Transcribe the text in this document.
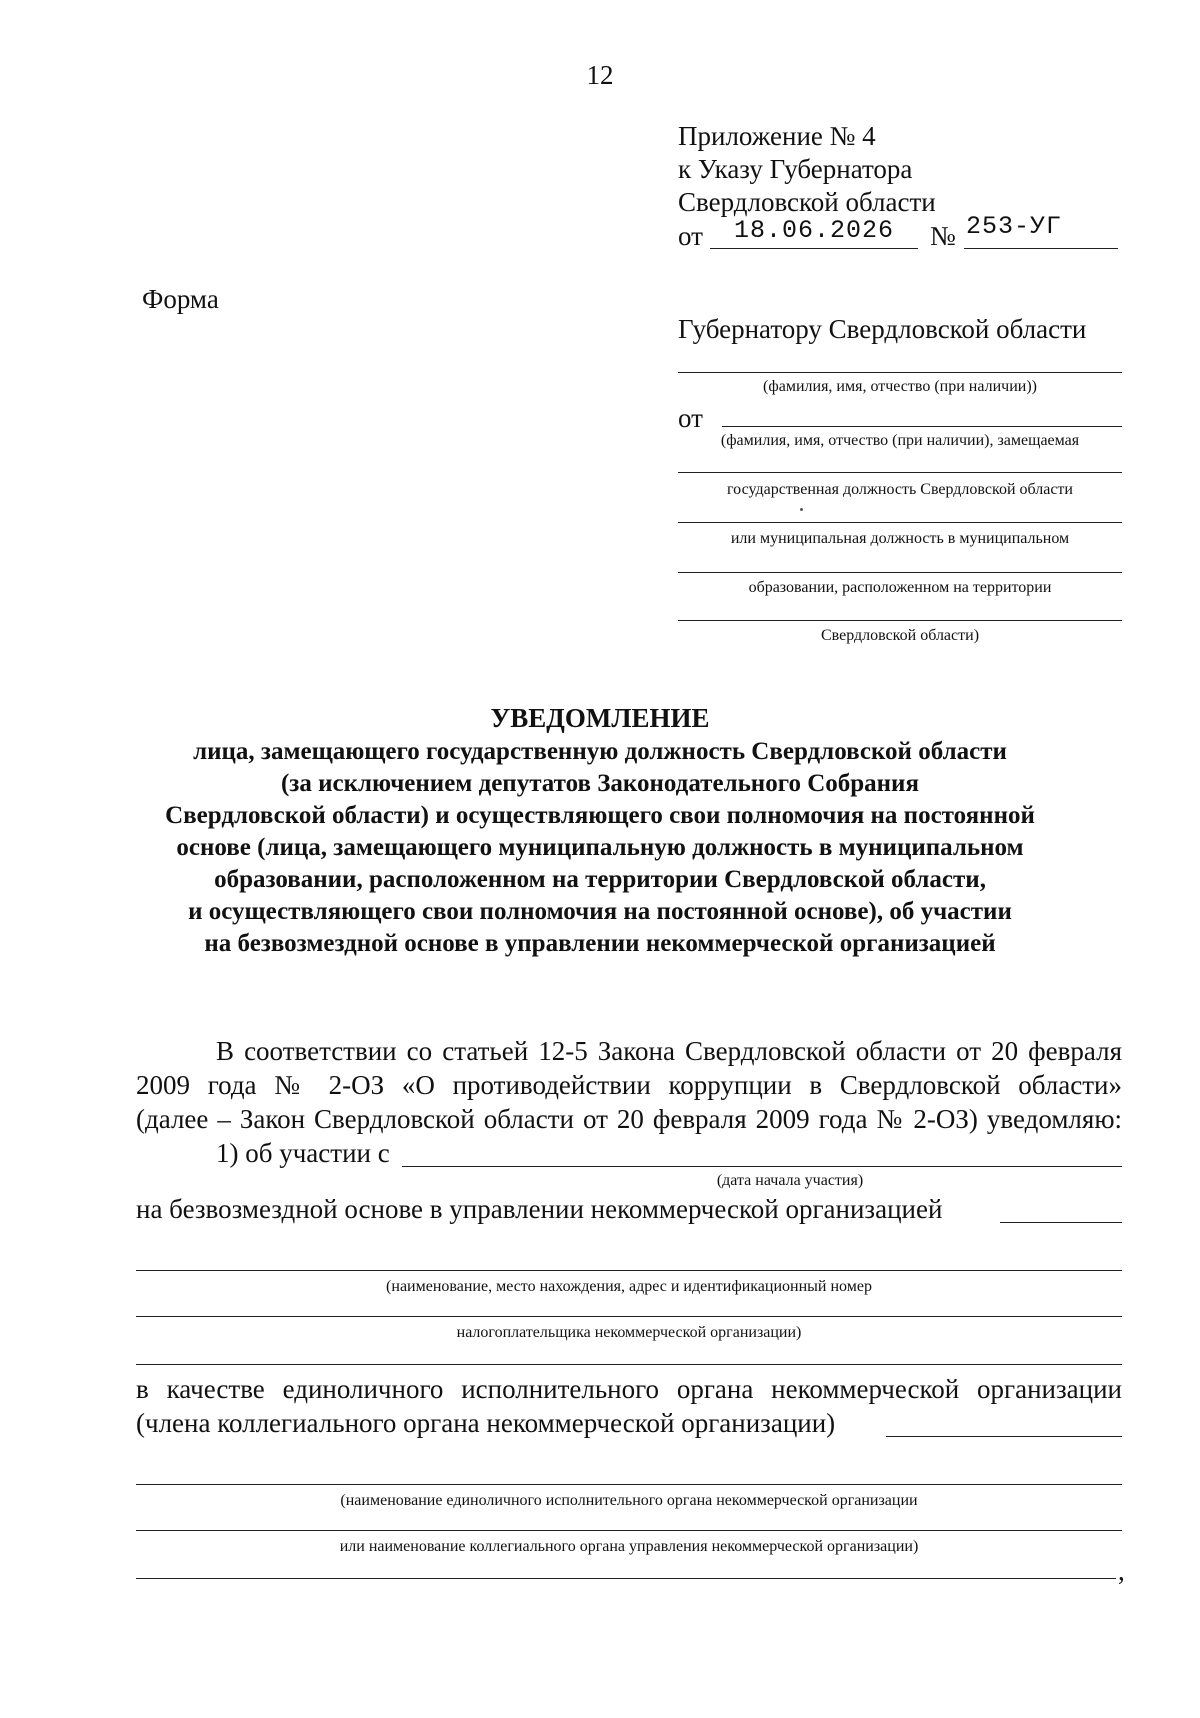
12
Приложение № 4
к Указу Губернатора
Свердловской области
от 18.06.2026 № 253-УГ
Форма
Губернатору Свердловской области
(фамилия, имя, отчество (при наличии))
от
(фамилия, имя, отчество (при наличии), замещаемая
государственная должность Свердловской области
или муниципальная должность в муниципальном
образовании, расположенном на территории
Свердловской области)
УВЕДОМЛЕНИЕ
лица, замещающего государственную должность Свердловской области
(за исключением депутатов Законодательного Собрания
Свердловской области) и осуществляющего свои полномочия на постоянной
основе (лица, замещающего муниципальную должность в муниципальном
образовании, расположенном на территории Свердловской области,
и осуществляющего свои полномочия на постоянной основе), об участии
на безвозмездной основе в управлении некоммерческой организацией
В соответствии со статьей 12-5 Закона Свердловской области от 20 февраля
2009 года № 2-ОЗ «О противодействии коррупции в Свердловской области»
(далее – Закон Свердловской области от 20 февраля 2009 года № 2-ОЗ) уведомляю:
1) об участии с
(дата начала участия)
на безвозмездной основе в управлении некоммерческой организацией
(наименование, место нахождения, адрес и идентификационный номер
налогоплательщика некоммерческой организации)
в качестве единоличного исполнительного органа некоммерческой организации
(члена коллегиального органа некоммерческой организации)
(наименование единоличного исполнительного органа некоммерческой организации
или наименование коллегиального органа управления некоммерческой организации)
,
